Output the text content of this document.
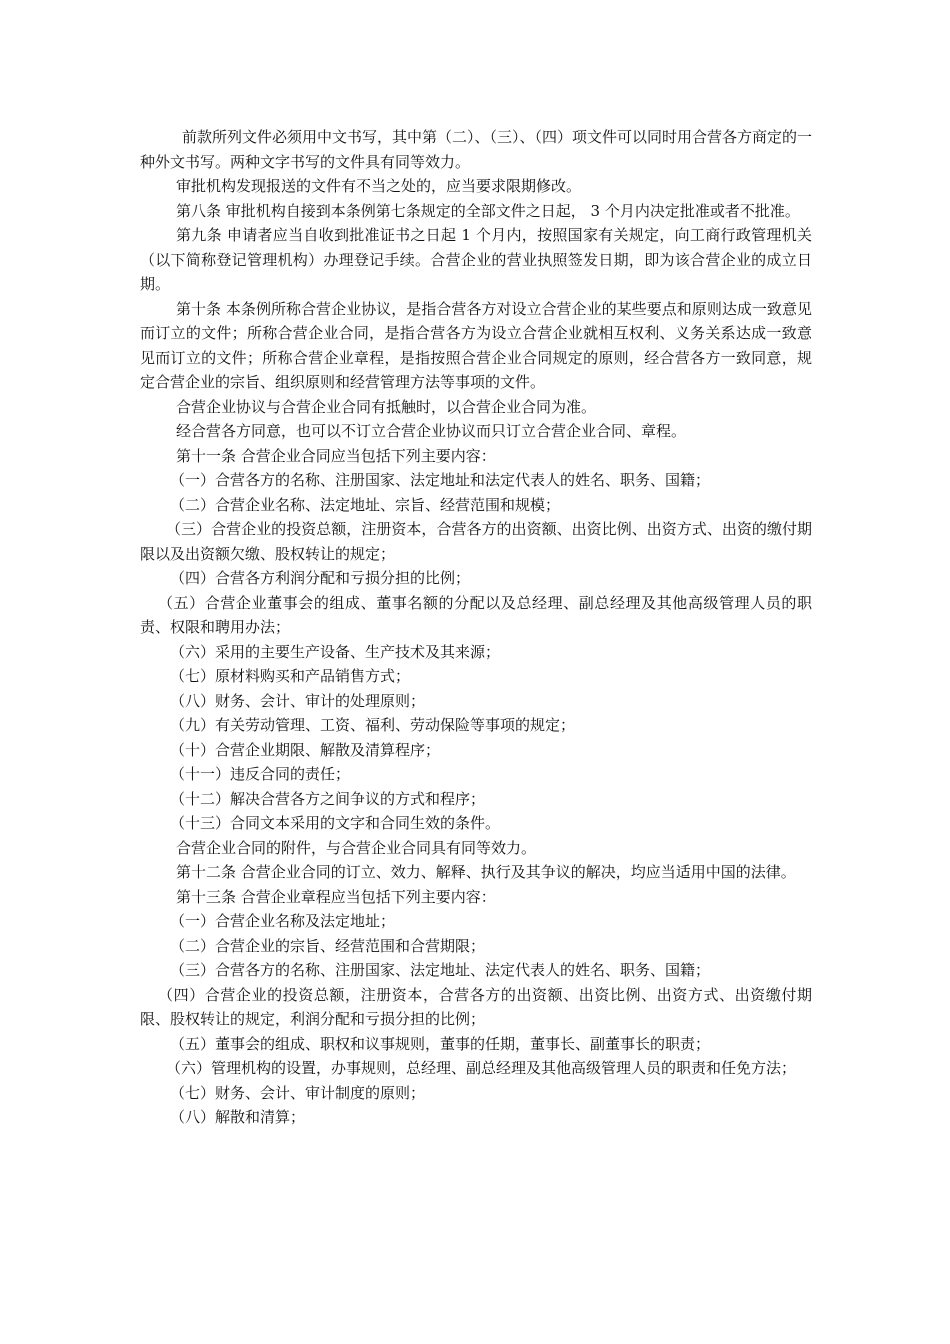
前款所列文件必须用中文书写，其中第（二）、（三）、（四）项文件可以同时用合营各方商定的一种外文书写。两种文字书写的文件具有同等效力。

审批机构发现报送的文件有不当之处的，应当要求限期修改。

第八条 审批机构自接到本条例第七条规定的全部文件之日起， 3 个月内决定批准或者不批准。

第九条 申请者应当自收到批准证书之日起 1 个月内，按照国家有关规定，向工商行政管理机关（以下简称登记管理机构）办理登记手续。合营企业的营业执照签发日期，即为该合营企业的成立日期。

第十条 本条例所称合营企业协议，是指合营各方对设立合营企业的某些要点和原则达成一致意见而订立的文件；所称合营企业合同，是指合营各方为设立合营企业就相互权利、义务关系达成一致意见而订立的文件；所称合营企业章程，是指按照合营企业合同规定的原则，经合营各方一致同意，规定合营企业的宗旨、组织原则和经营管理方法等事项的文件。

合营企业协议与合营企业合同有抵触时，以合营企业合同为准。

经合营各方同意，也可以不订立合营企业协议而只订立合营企业合同、章程。

第十一条 合营企业合同应当包括下列主要内容：

（一）合营各方的名称、注册国家、法定地址和法定代表人的姓名、职务、国籍；

（二）合营企业名称、法定地址、宗旨、经营范围和规模；

（三）合营企业的投资总额，注册资本，合营各方的出资额、出资比例、出资方式、出资的缴付期限以及出资额欠缴、股权转让的规定；

（四）合营各方利润分配和亏损分担的比例；

（五）合营企业董事会的组成、董事名额的分配以及总经理、副总经理及其他高级管理人员的职责、权限和聘用办法；

（六）采用的主要生产设备、生产技术及其来源；

（七）原材料购买和产品销售方式；

（八）财务、会计、审计的处理原则；

（九）有关劳动管理、工资、福利、劳动保险等事项的规定；

（十）合营企业期限、解散及清算程序；

（十一）违反合同的责任；

（十二）解决合营各方之间争议的方式和程序；

（十三）合同文本采用的文字和合同生效的条件。

合营企业合同的附件，与合营企业合同具有同等效力。

第十二条 合营企业合同的订立、效力、解释、执行及其争议的解决，均应当适用中国的法律。

第十三条 合营企业章程应当包括下列主要内容：

（一）合营企业名称及法定地址；

（二）合营企业的宗旨、经营范围和合营期限；

（三）合营各方的名称、注册国家、法定地址、法定代表人的姓名、职务、国籍；

（四）合营企业的投资总额，注册资本，合营各方的出资额、出资比例、出资方式、出资缴付期限、股权转让的规定，利润分配和亏损分担的比例；

（五）董事会的组成、职权和议事规则，董事的任期，董事长、副董事长的职责；

（六）管理机构的设置，办事规则，总经理、副总经理及其他高级管理人员的职责和任免方法；

（七）财务、会计、审计制度的原则；

（八）解散和清算；
